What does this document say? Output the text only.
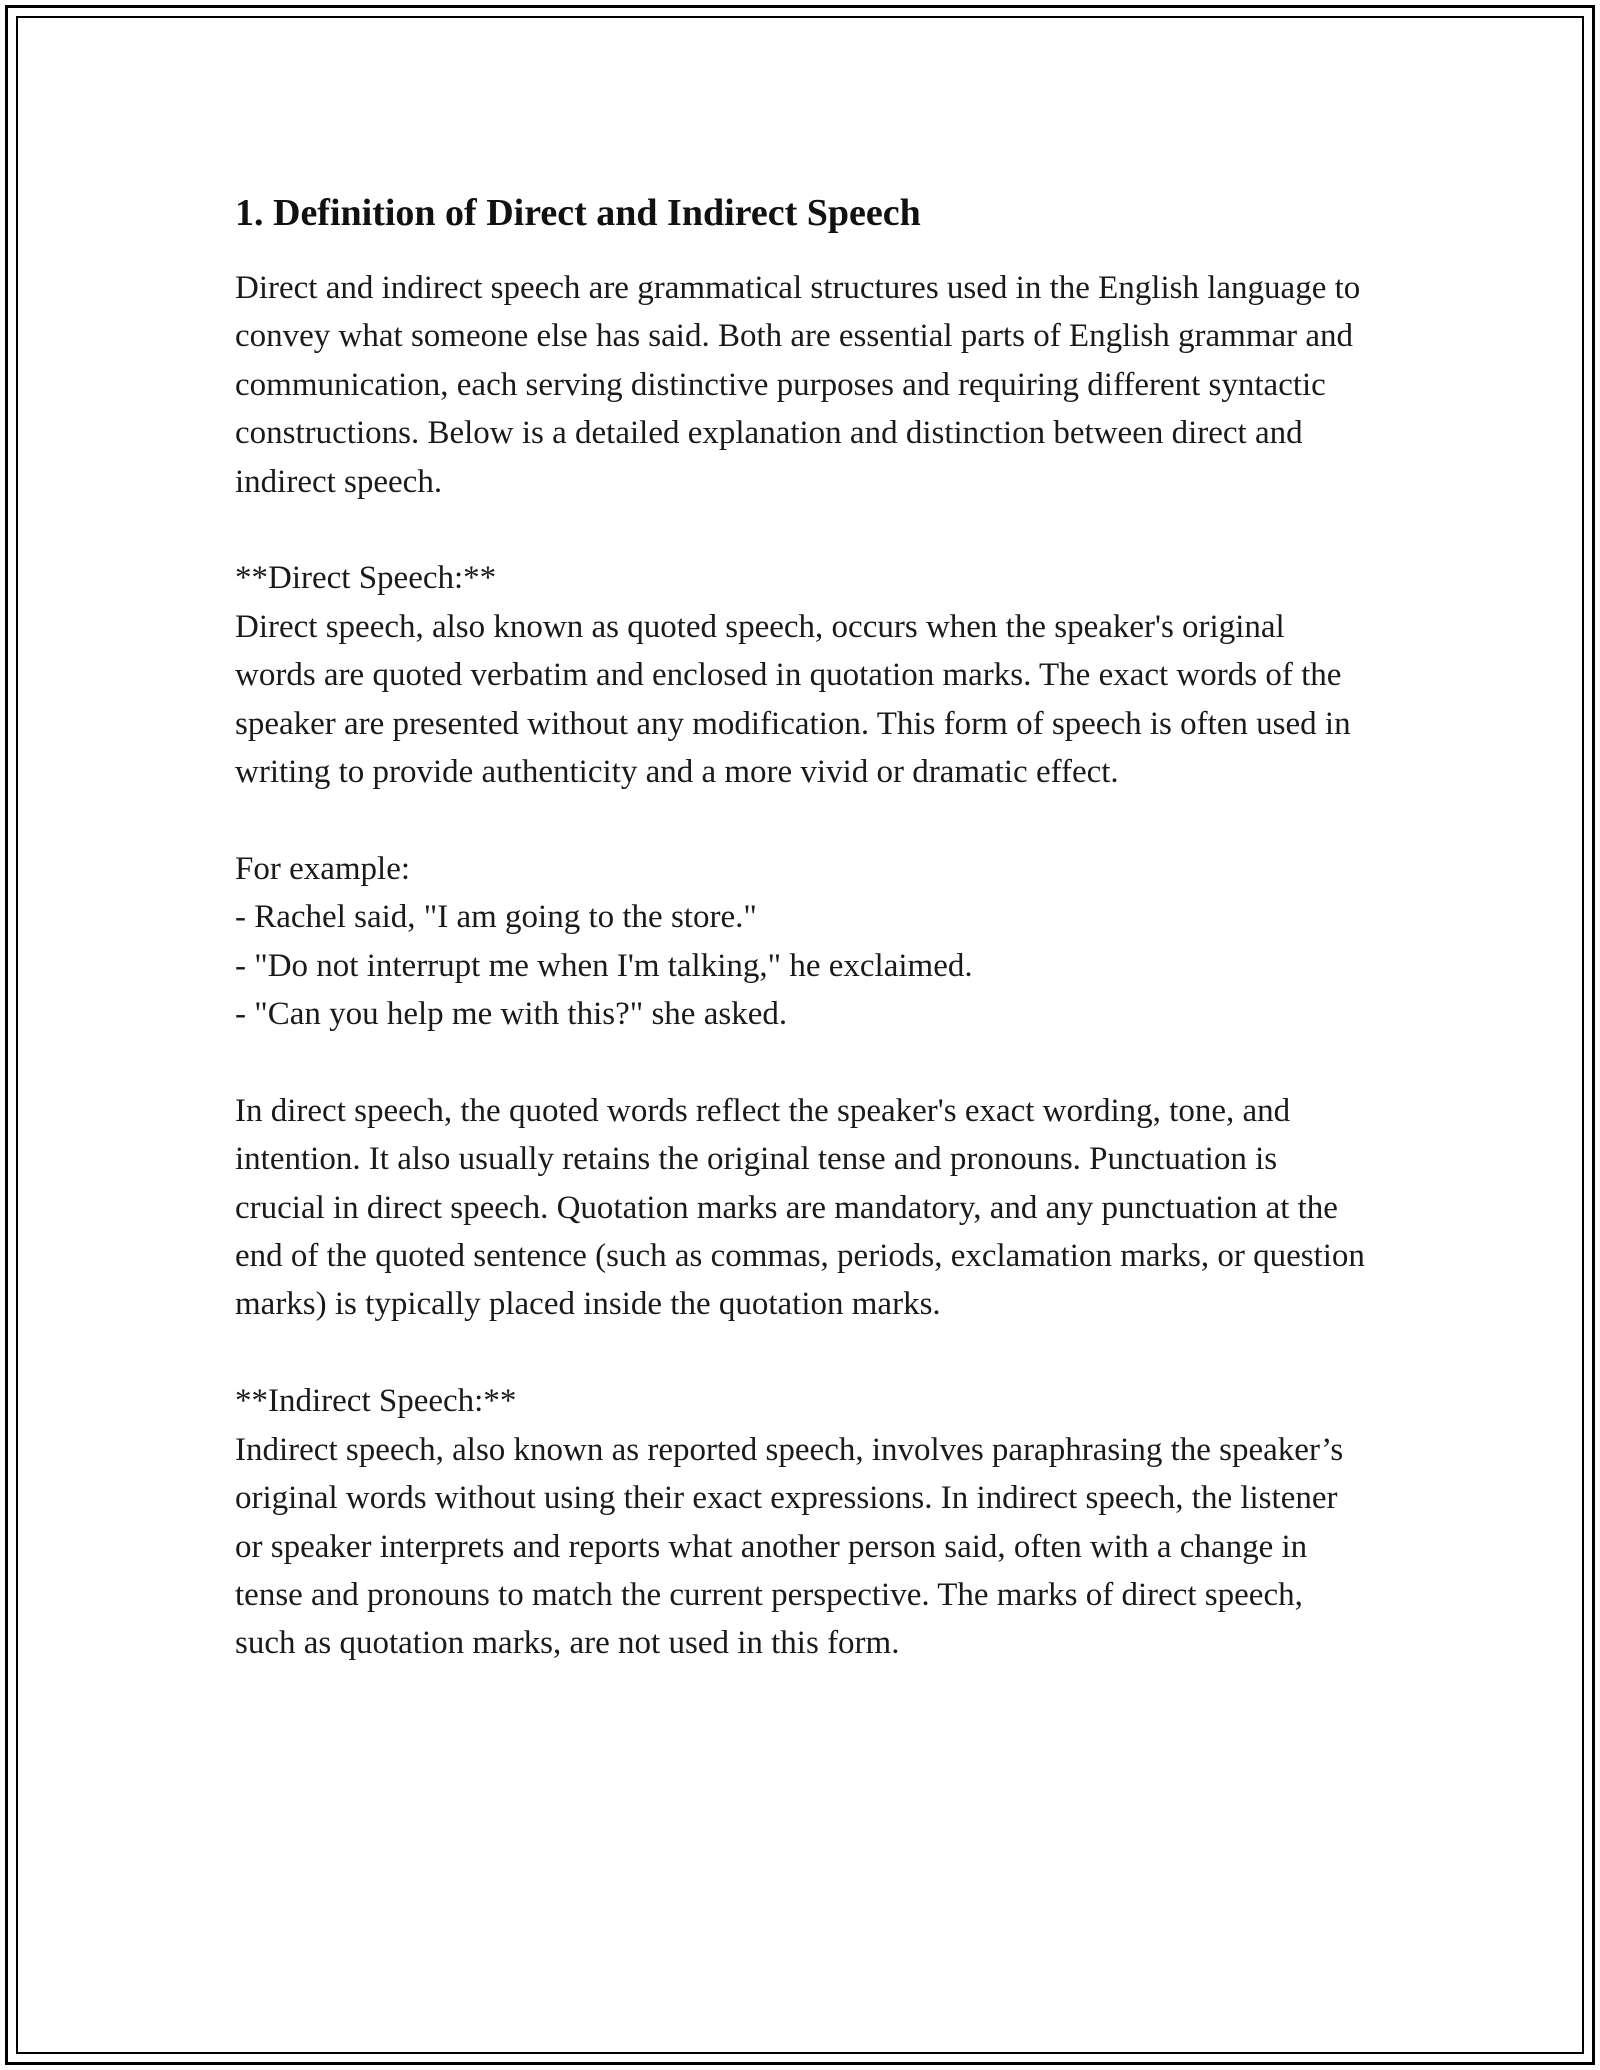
1. Definition of Direct and Indirect Speech

Direct and indirect speech are grammatical structures used in the English language to convey what someone else has said. Both are essential parts of English grammar and communication, each serving distinctive purposes and requiring different syntactic constructions. Below is a detailed explanation and distinction between direct and indirect speech.

**Direct Speech:**

Direct speech, also known as quoted speech, occurs when the speaker's original words are quoted verbatim and enclosed in quotation marks. The exact words of the speaker are presented without any modification. This form of speech is often used in writing to provide authenticity and a more vivid or dramatic effect.

For example:

- Rachel said, "I am going to the store."

- "Do not interrupt me when I'm talking," he exclaimed.

- "Can you help me with this?" she asked.

In direct speech, the quoted words reflect the speaker's exact wording, tone, and intention. It also usually retains the original tense and pronouns. Punctuation is crucial in direct speech. Quotation marks are mandatory, and any punctuation at the end of the quoted sentence (such as commas, periods, exclamation marks, or question marks) is typically placed inside the quotation marks.

**Indirect Speech:**

Indirect speech, also known as reported speech, involves paraphrasing the speaker’s original words without using their exact expressions. In indirect speech, the listener or speaker interprets and reports what another person said, often with a change in tense and pronouns to match the current perspective. The marks of direct speech, such as quotation marks, are not used in this form.
